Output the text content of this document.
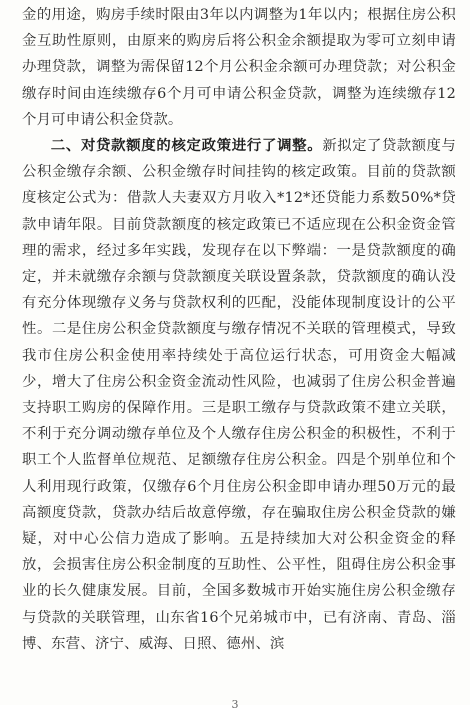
金的用途，购房手续时限由3年以内调整为1年以内；根据住房公积金互助性原则，由原来的购房后将公积金余额提取为零可立刻申请办理贷款，调整为需保留12个月公积金余额可办理贷款；对公积金缴存时间由连续缴存6个月可申请公积金贷款，调整为连续缴存12个月可申请公积金贷款。

二、对贷款额度的核定政策进行了调整。新拟定了贷款额度与公积金缴存余额、公积金缴存时间挂钩的核定政策。目前的贷款额度核定公式为：借款人夫妻双方月收入*12*还贷能力系数50%*贷款申请年限。目前贷款额度的核定政策已不适应现在公积金资金管理的需求，经过多年实践，发现存在以下弊端：一是贷款额度的确定，并未就缴存余额与贷款额度关联设置条款，贷款额度的确认没有充分体现缴存义务与贷款权利的匹配，没能体现制度设计的公平性。二是住房公积金贷款额度与缴存情况不关联的管理模式，导致我市住房公积金使用率持续处于高位运行状态，可用资金大幅减少，增大了住房公积金资金流动性风险，也减弱了住房公积金普遍支持职工购房的保障作用。三是职工缴存与贷款政策不建立关联，不利于充分调动缴存单位及个人缴存住房公积金的积极性，不利于职工个人监督单位规范、足额缴存住房公积金。四是个别单位和个人利用现行政策，仅缴存6个月住房公积金即申请办理50万元的最高额度贷款，贷款办结后故意停缴，存在骗取住房公积金贷款的嫌疑，对中心公信力造成了影响。五是持续加大对公积金资金的释放，会损害住房公积金制度的互助性、公平性，阻碍住房公积金事业的长久健康发展。目前，全国多数城市开始实施住房公积金缴存与贷款的关联管理，山东省16个兄弟城市中，已有济南、青岛、淄博、东营、济宁、威海、日照、德州、滨

3
